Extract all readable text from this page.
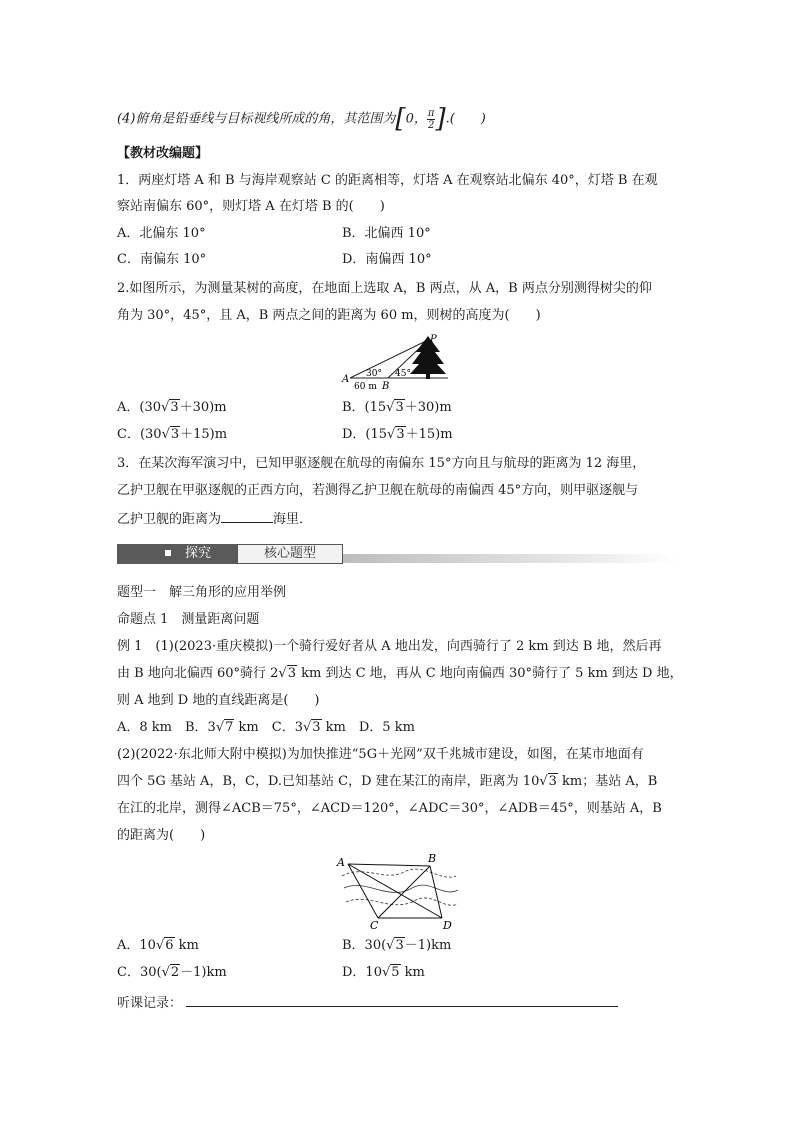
(4)俯角是铅垂线与目标视线所成的角，其范围为[0， $\frac{\pi}{2}$ ].(　　)
【教材改编题】
1．两座灯塔 A 和 B 与海岸观察站 C 的距离相等，灯塔 A 在观察站北偏东 40°，灯塔 B 在观
察站南偏东 60°，则灯塔 A 在灯塔 B 的(　　)
A．北偏东 10°	B．北偏西 10°
C．南偏东 10°	D．南偏西 10°
2.如图所示，为测量某树的高度，在地面上选取 A，B 两点，从 A，B 两点分别测得树尖的仰
角为 30°，45°，且 A，B 两点之间的距离为 60 m，则树的高度为(　　)
P
A
B
30° 45°
60 m
A．(30√3＋30)m	B．(15√3＋30)m
C．(30√3＋15)m	D．(15√3＋15)m
3．在某次海军演习中，已知甲驱逐舰在航母的南偏东 15°方向且与航母的距离为 12 海里，
乙护卫舰在甲驱逐舰的正西方向，若测得乙护卫舰在航母的南偏西 45°方向，则甲驱逐舰与
乙护卫舰的距离为	海里．
探究	核心题型
题型一　解三角形的应用举例
命题点 1　测量距离问题
例 1　(1)(2023·重庆模拟)一个骑行爱好者从 A 地出发，向西骑行了 2 km 到达 B 地，然后再
由 B 地向北偏西 60°骑行 2√3 km 到达 C 地，再从 C 地向南偏西 30°骑行了 5 km 到达 D 地，
则 A 地到 D 地的直线距离是(　　)
A．8 km　B．3√7 km　C．3√3 km　D．5 km
(2)(2022·东北师大附中模拟)为加快推进“5G＋光网”双千兆城市建设，如图，在某市地面有
四个 5G 基站 A，B，C，D.已知基站 C，D 建在某江的南岸，距离为 10√3 km；基站 A，B
在江的北岸，测得∠ACB＝75°，∠ACD＝120°，∠ADC＝30°，∠ADB＝45°，则基站 A，B
的距离为(　　)
A	B
C	D
A．10√6 km	B．30(√3－1)km
C．30(√2－1)km	D．10√5 km
听课记录：
